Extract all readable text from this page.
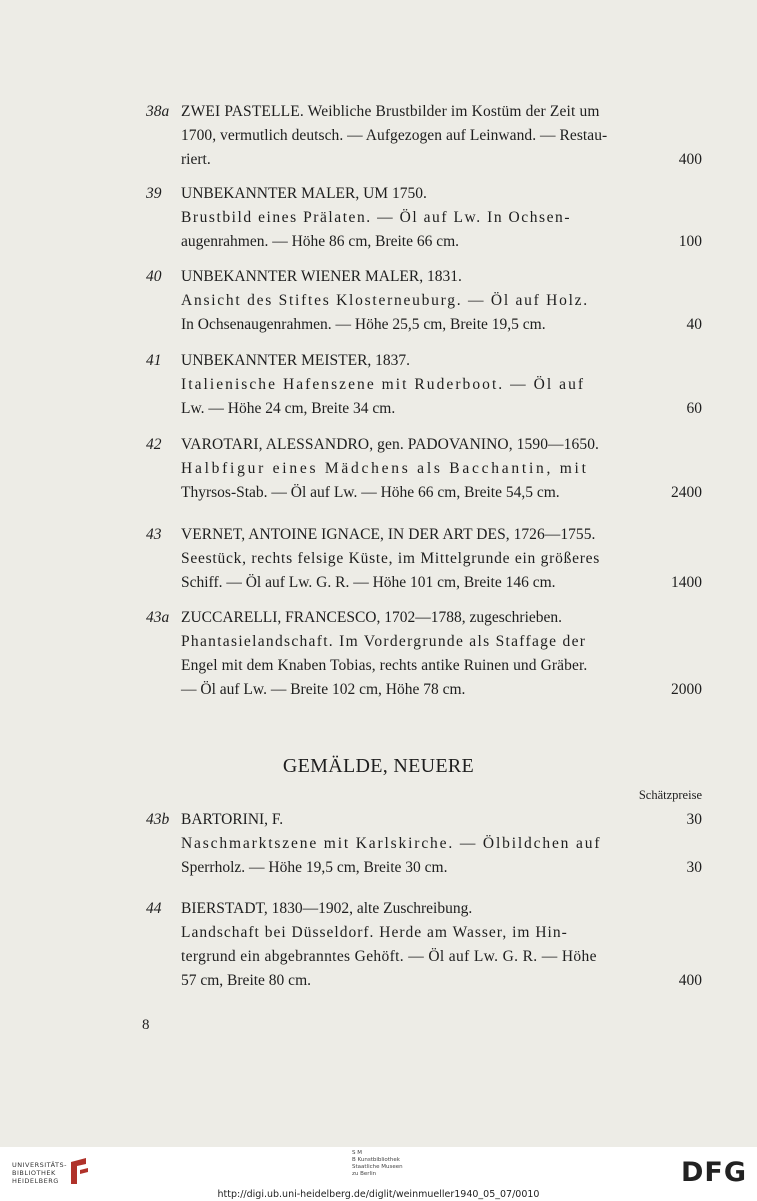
38a ZWEI PASTELLE. Weibliche Brustbilder im Kostüm der Zeit um
1700, vermutlich deutsch. — Aufgezogen auf Leinwand. — Restau-
riert.	400
39	UNBEKANNTER MALER, UM 1750.
Brustbild eines Prälaten. — Öl auf Lw. In Ochsen-
augenrahmen. — Höhe 86 cm, Breite 66 cm.	100
40	UNBEKANNTER WIENER MALER, 1831.
Ansicht des Stiftes Klosterneuburg. — Öl auf Holz.
In Ochsenaugenrahmen. — Höhe 25,5 cm, Breite 19,5 cm.	40
41	UNBEKANNTER MEISTER, 1837.
Italienische Hafenszene mit Ruderboot. — Öl auf
Lw. — Höhe 24 cm, Breite 34 cm.	60
42	VAROTARI, ALESSANDRO, gen. PADOVANINO, 1590—1650.
Halbfigur eines Mädchens als Bacchantin, mit
Thyrsos-Stab. — Öl auf Lw. — Höhe 66 cm, Breite 54,5 cm.	2400
43	VERNET, ANTOINE IGNACE, IN DER ART DES, 1726—1755.
Seestück, rechts felsige Küste, im Mittelgrunde ein größeres
Schiff. — Öl auf Lw. G. R. — Höhe 101 cm, Breite 146 cm.	1400
43a ZUCCARELLI, FRANCESCO, 1702—1788, zugeschrieben.
Phantasielandschaft. Im Vordergrunde als Staffage der
Engel mit dem Knaben Tobias, rechts antike Ruinen und Gräber.
— Öl auf Lw. — Breite 102 cm, Höhe 78 cm.	2000
GEMÄLDE, NEUERE
Schätzpreise
43b BARTORINI, F.	30
Naschmarktszene mit Karlskirche. — Ölbildchen auf
Sperrholz. — Höhe 19,5 cm, Breite 30 cm.	30
44	BIERSTADT, 1830—1902, alte Zuschreibung.
Landschaft bei Düsseldorf. Herde am Wasser, im Hin-
tergrund ein abgebranntes Gehöft. — Öl auf Lw. G. R. — Höhe
57 cm, Breite 80 cm.	400
8
UNIVERSITÄTS-
BIBLIOTHEK
HEIDELBERG
S M
B Kunstbibliothek
Staatliche Museen
zu Berlin	DFG
http://digi.ub.uni-heidelberg.de/diglit/weinmueller1940_05_07/0010
